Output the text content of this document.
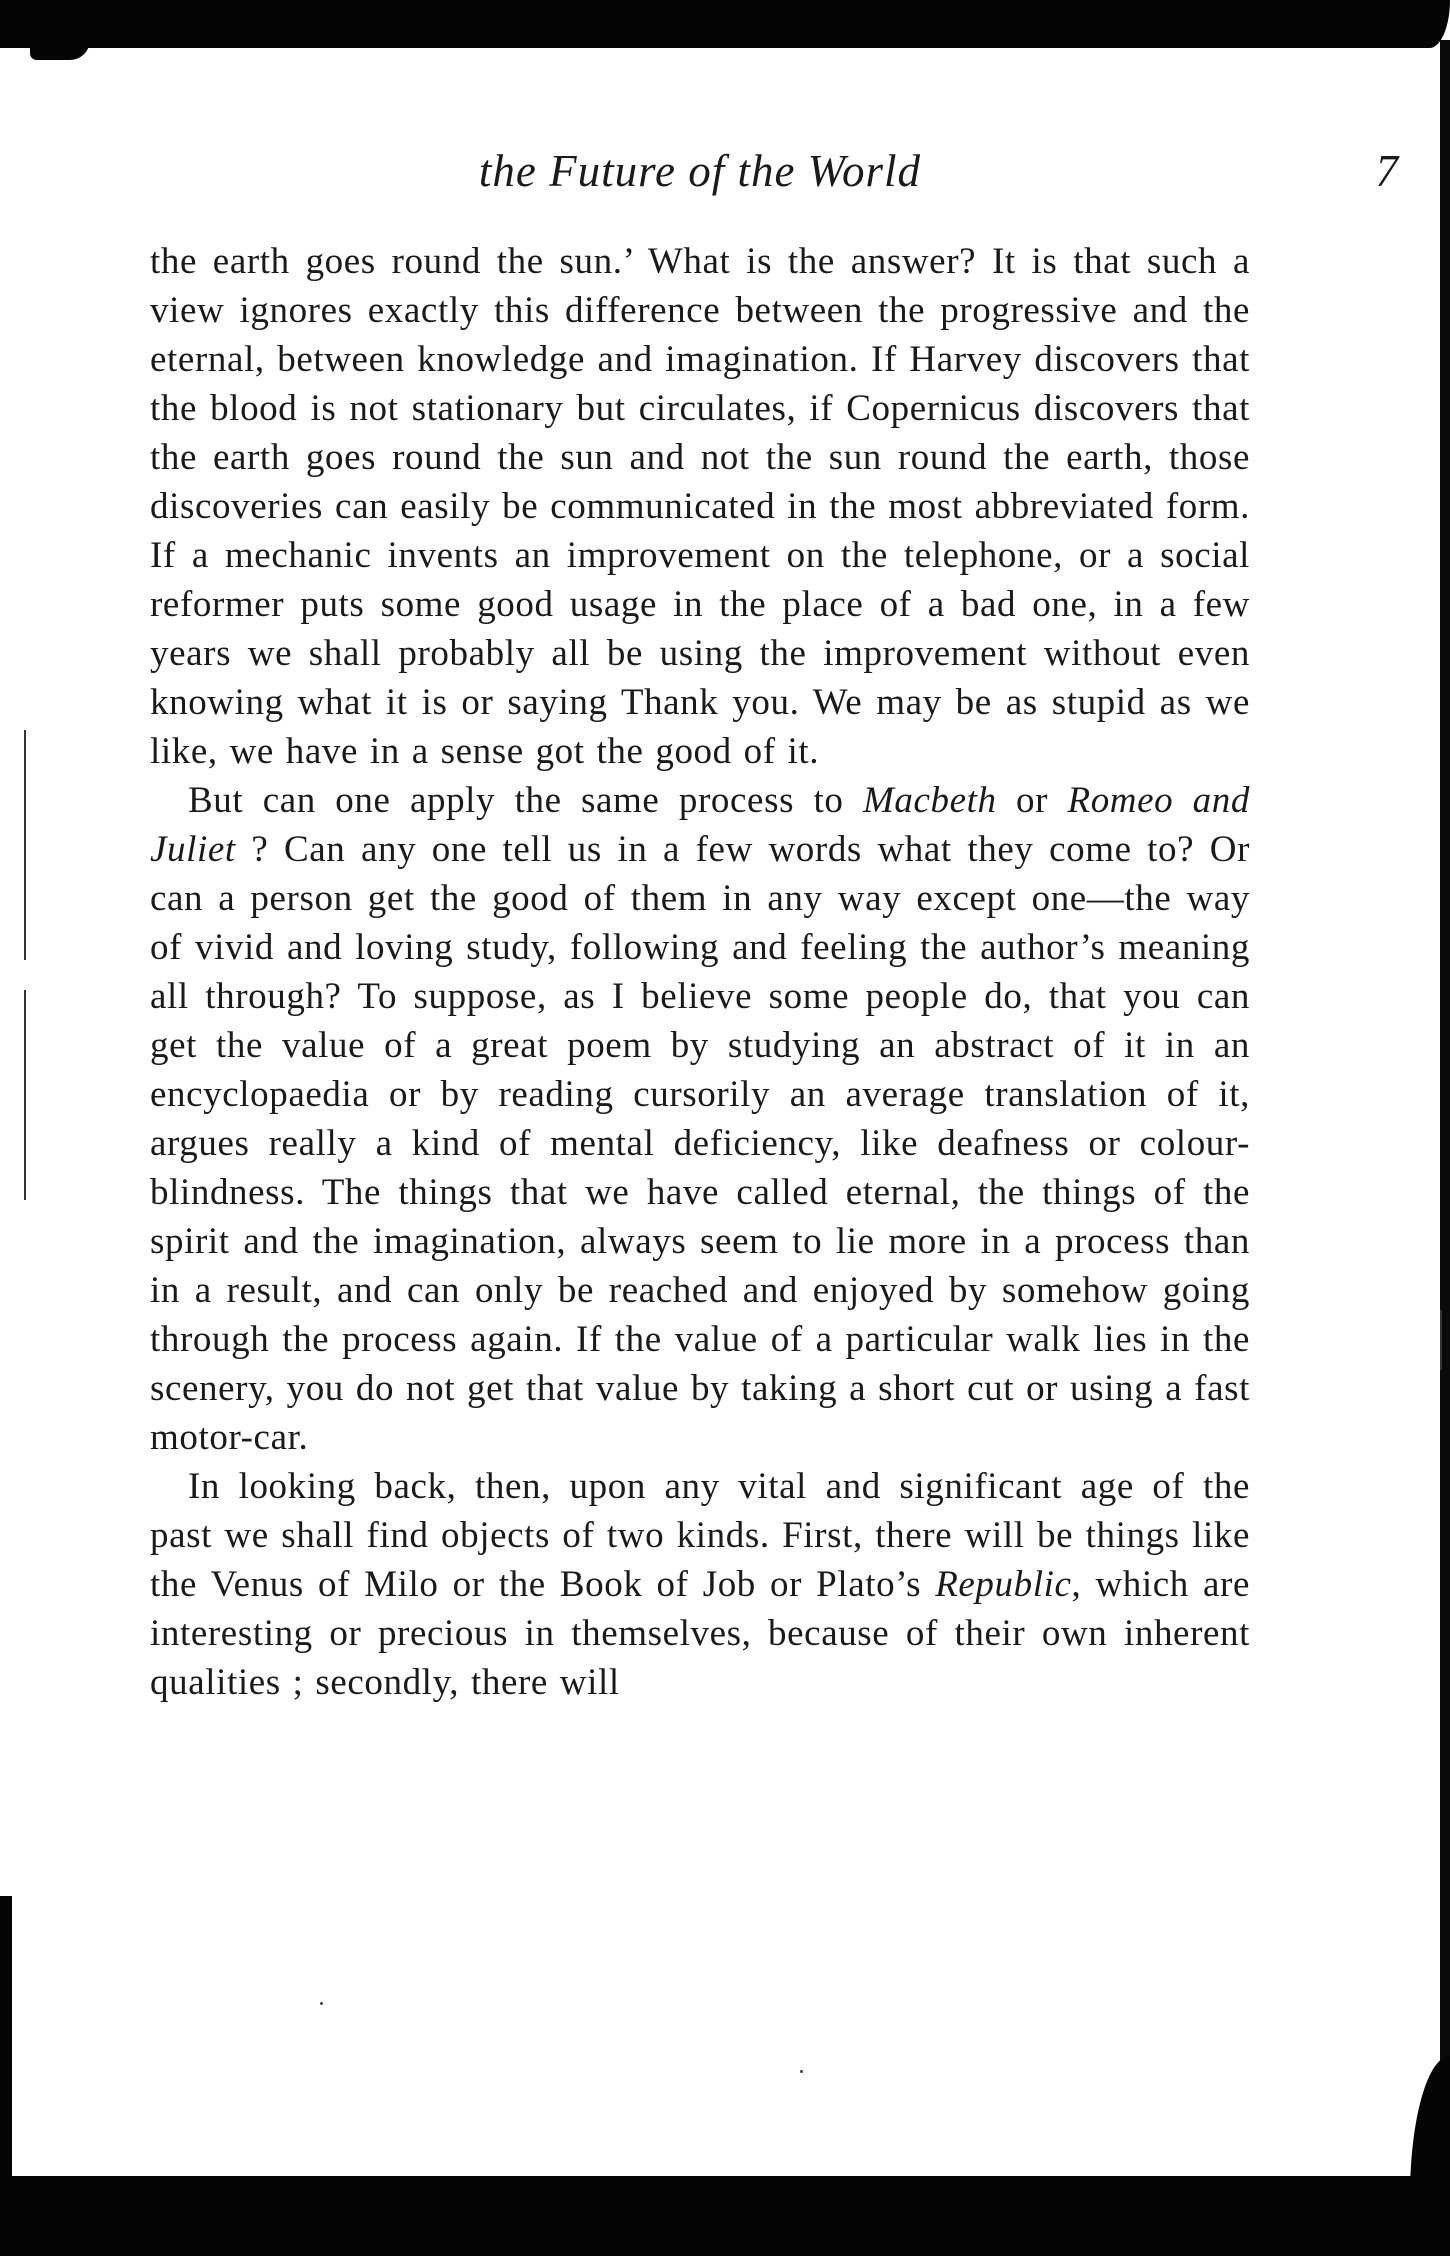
the Future of the World	7

the earth goes round the sun.’ What is the answer? It is that such a view ignores exactly this difference between the progressive and the eternal, between knowledge and imagination. If Harvey discovers that the blood is not stationary but circulates, if Copernicus discovers that the earth goes round the sun and not the sun round the earth, those discoveries can easily be communicated in the most abbreviated form. If a mechanic invents an improvement on the telephone, or a social reformer puts some good usage in the place of a bad one, in a few years we shall probably all be using the improvement without even knowing what it is or saying Thank you. We may be as stupid as we like, we have in a sense got the good of it.

But can one apply the same process to Macbeth or Romeo and Juliet ? Can any one tell us in a few words what they come to? Or can a person get the good of them in any way except one—the way of vivid and loving study, following and feeling the author’s meaning all through? To suppose, as I believe some people do, that you can get the value of a great poem by studying an abstract of it in an encyclopaedia or by reading cursorily an average translation of it, argues really a kind of mental deficiency, like deafness or colour-blindness. The things that we have called eternal, the things of the spirit and the imagination, always seem to lie more in a process than in a result, and can only be reached and enjoyed by somehow going through the process again. If the value of a particular walk lies in the scenery, you do not get that value by taking a short cut or using a fast motor-car.

In looking back, then, upon any vital and significant age of the past we shall find objects of two kinds. First, there will be things like the Venus of Milo or the Book of Job or Plato’s Republic, which are interesting or precious in themselves, because of their own inherent qualities ; secondly, there will
